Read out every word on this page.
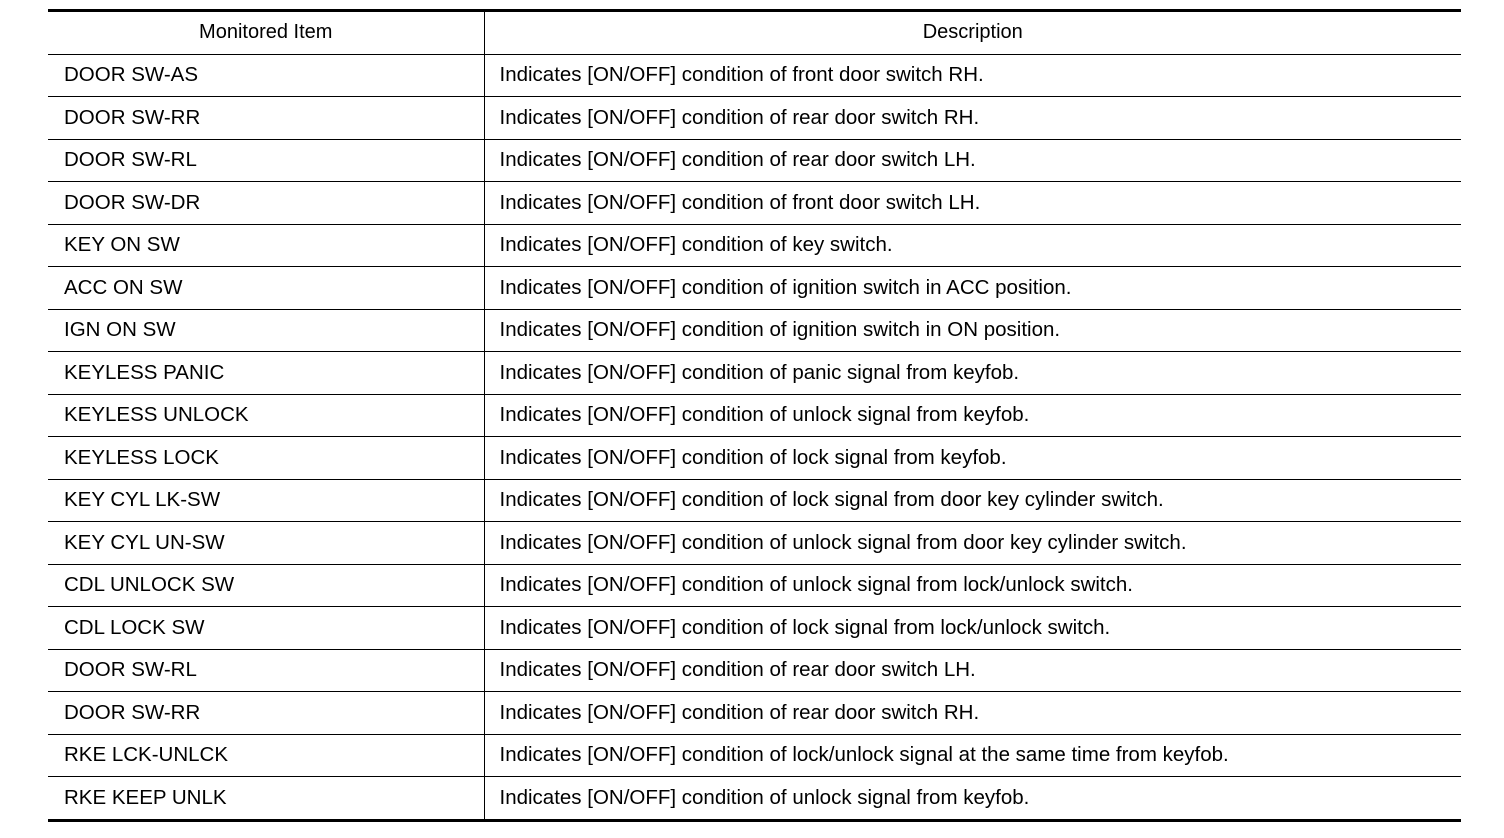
Monitored Item	Description
DOOR SW-AS	Indicates [ON/OFF] condition of front door switch RH.
DOOR SW-RR	Indicates [ON/OFF] condition of rear door switch RH.
DOOR SW-RL	Indicates [ON/OFF] condition of rear door switch LH.
DOOR SW-DR	Indicates [ON/OFF] condition of front door switch LH.
KEY ON SW	Indicates [ON/OFF] condition of key switch.
ACC ON SW	Indicates [ON/OFF] condition of ignition switch in ACC position.
IGN ON SW	Indicates [ON/OFF] condition of ignition switch in ON position.
KEYLESS PANIC	Indicates [ON/OFF] condition of panic signal from keyfob.
KEYLESS UNLOCK	Indicates [ON/OFF] condition of unlock signal from keyfob.
KEYLESS LOCK	Indicates [ON/OFF] condition of lock signal from keyfob.
KEY CYL LK-SW	Indicates [ON/OFF] condition of lock signal from door key cylinder switch.
KEY CYL UN-SW	Indicates [ON/OFF] condition of unlock signal from door key cylinder switch.
CDL UNLOCK SW	Indicates [ON/OFF] condition of unlock signal from lock/unlock switch.
CDL LOCK SW	Indicates [ON/OFF] condition of lock signal from lock/unlock switch.
DOOR SW-RL	Indicates [ON/OFF] condition of rear door switch LH.
DOOR SW-RR	Indicates [ON/OFF] condition of rear door switch RH.
RKE LCK-UNLCK	Indicates [ON/OFF] condition of lock/unlock signal at the same time from keyfob.
RKE KEEP UNLK	Indicates [ON/OFF] condition of unlock signal from keyfob.
